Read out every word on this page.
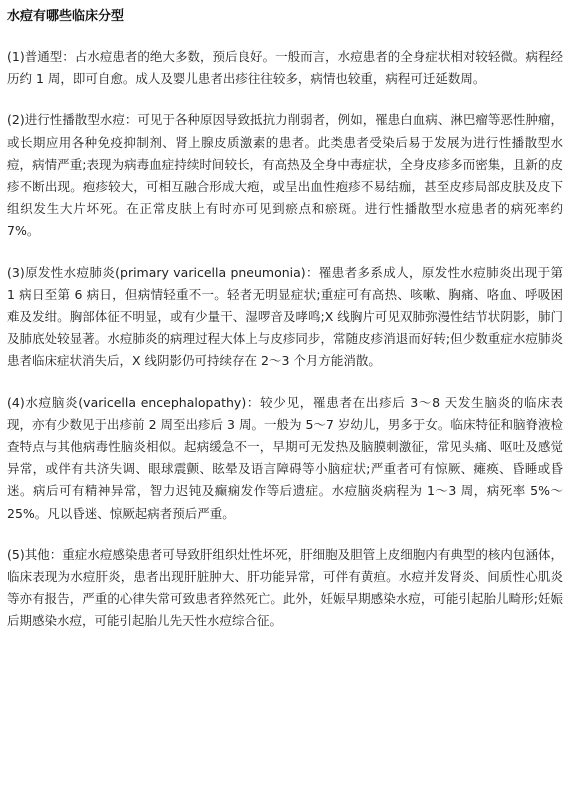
水痘有哪些临床分型

(1)普通型：占水痘患者的绝大多数，预后良好。一般而言，水痘患者的全身症状相对较轻微。病程经历约 1 周，即可自愈。成人及婴儿患者出疹往往较多，病情也较重，病程可迁延数周。

(2)进行性播散型水痘：可见于各种原因导致抵抗力削弱者，例如，罹患白血病、淋巴瘤等恶性肿瘤，或长期应用各种免疫抑制剂、肾上腺皮质激素的患者。此类患者受染后易于发展为进行性播散型水痘，病情严重;表现为病毒血症持续时间较长，有高热及全身中毒症状，全身皮疹多而密集，且新的皮疹不断出现。疱疹较大，可相互融合形成大疱，或呈出血性疱疹不易结痂，甚至皮疹局部皮肤及皮下组织发生大片坏死。在正常皮肤上有时亦可见到瘀点和瘀斑。进行性播散型水痘患者的病死率约 7%。

(3)原发性水痘肺炎(primary varicella pneumonia)：罹患者多系成人，原发性水痘肺炎出现于第 1 病日至第 6 病日，但病情轻重不一。轻者无明显症状;重症可有高热、咳嗽、胸痛、咯血、呼吸困难及发绀。胸部体征不明显，或有少量干、湿啰音及哮鸣;X 线胸片可见双肺弥漫性结节状阴影，肺门及肺底处较显著。水痘肺炎的病理过程大体上与皮疹同步，常随皮疹消退而好转;但少数重症水痘肺炎患者临床症状消失后，X 线阴影仍可持续存在 2～3 个月方能消散。

(4)水痘脑炎(varicella encephalopathy)：较少见，罹患者在出疹后 3～8 天发生脑炎的临床表现，亦有少数见于出疹前 2 周至出疹后 3 周。一般为 5～7 岁幼儿，男多于女。临床特征和脑脊液检查特点与其他病毒性脑炎相似。起病缓急不一，早期可无发热及脑膜刺激征，常见头痛、呕吐及感觉异常，或伴有共济失调、眼球震颤、眩晕及语言障碍等小脑症状;严重者可有惊厥、瘫痪、昏睡或昏迷。病后可有精神异常，智力迟钝及癫痫发作等后遗症。水痘脑炎病程为 1～3 周，病死率 5%～25%。凡以昏迷、惊厥起病者预后严重。

(5)其他：重症水痘感染患者可导致肝组织灶性坏死，肝细胞及胆管上皮细胞内有典型的核内包涵体，临床表现为水痘肝炎，患者出现肝脏肿大、肝功能异常，可伴有黄疸。水痘并发肾炎、间质性心肌炎等亦有报告，严重的心律失常可致患者猝然死亡。此外，妊娠早期感染水痘，可能引起胎儿畸形;妊娠后期感染水痘，可能引起胎儿先天性水痘综合征。
